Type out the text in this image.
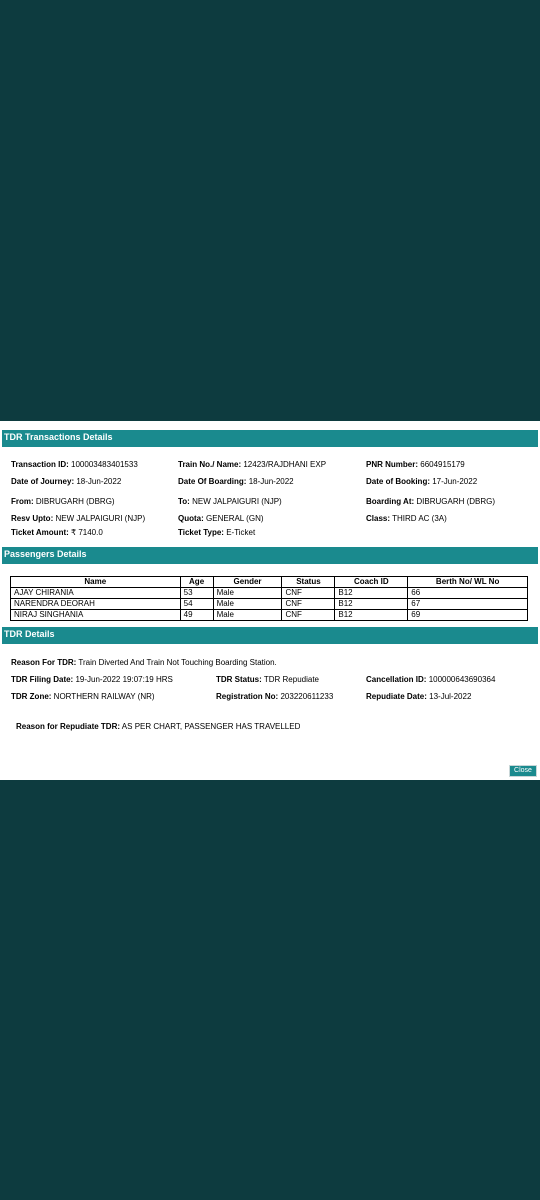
TDR Transactions Details
Transaction ID: 100003483401533	Train No./ Name: 12423/RAJDHANI EXP	PNR Number: 6604915179
Date of Journey: 18-Jun-2022	Date Of Boarding: 18-Jun-2022	Date of Booking: 17-Jun-2022
From: DIBRUGARH (DBRG)	To: NEW JALPAIGURI (NJP)	Boarding At: DIBRUGARH (DBRG)
Resv Upto: NEW JALPAIGURI (NJP)	Quota: GENERAL (GN)	Class: THIRD AC (3A)
Ticket Amount: ₹ 7140.0	Ticket Type: E-Ticket
Passengers Details
Name	Age	Gender	Status	Coach ID	Berth No/ WL No
AJAY CHIRANIA	53	Male	CNF	B12	66
NARENDRA DEORAH	54	Male	CNF	B12	67
NIRAJ SINGHANIA	49	Male	CNF	B12	69
TDR Details
Reason For TDR: Train Diverted And Train Not Touching Boarding Station.
TDR Filing Date: 19-Jun-2022 19:07:19 HRS	TDR Status: TDR Repudiate	Cancellation ID: 100000643690364
TDR Zone: NORTHERN RAILWAY (NR)	Registration No: 203220611233	Repudiate Date: 13-Jul-2022
Reason for Repudiate TDR: AS PER CHART, PASSENGER HAS TRAVELLED
Close
